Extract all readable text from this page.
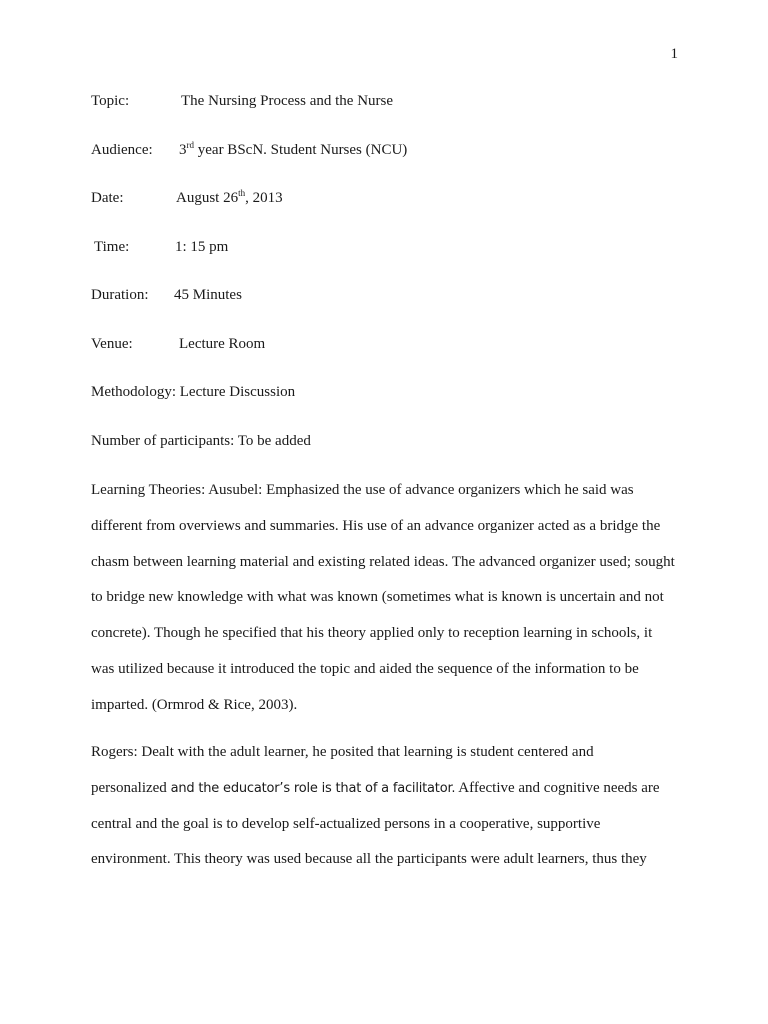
1
Topic:	The Nursing Process and the Nurse
Audience: 3rd year BScN. Student Nurses (NCU)
Date:	August 26th, 2013
Time:	1: 15 pm
Duration: 45 Minutes
Venue:	Lecture Room
Methodology: Lecture Discussion
Number of participants: To be added
Learning Theories: Ausubel: Emphasized the use of advance organizers which he said was
different from overviews and summaries. His use of an advance organizer acted as a bridge the
chasm between learning material and existing related ideas. The advanced organizer used; sought
to bridge new knowledge with what was known (sometimes what is known is uncertain and not
concrete). Though he specified that his theory applied only to reception learning in schools, it
was utilized because it introduced the topic and aided the sequence of the information to be
imparted. (Ormrod & Rice, 2003).
Rogers: Dealt with the adult learner, he posited that learning is student centered and
personalized and the educator’s role is that of a facilitator. Affective and cognitive needs are
central and the goal is to develop self-actualized persons in a cooperative, supportive
environment. This theory was used because all the participants were adult learners, thus they
